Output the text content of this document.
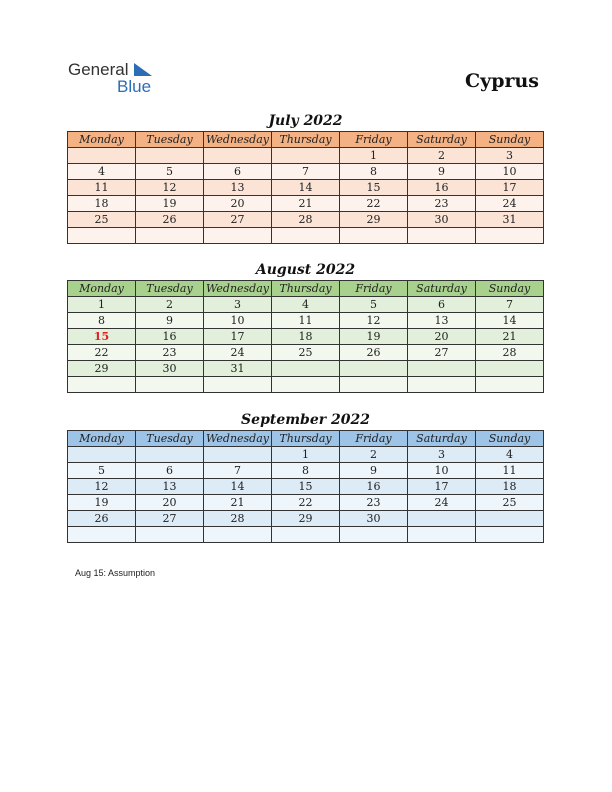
General
Blue	Cyprus
July 2022
Monday	Tuesday	Wednesday	Thursday	Friday	Saturday	Sunday
				1	2	3
4	5	6	7	8	9	10
11	12	13	14	15	16	17
18	19	20	21	22	23	24
25	26	27	28	29	30	31

August 2022
Monday	Tuesday	Wednesday	Thursday	Friday	Saturday	Sunday
1	2	3	4	5	6	7
8	9	10	11	12	13	14
15	16	17	18	19	20	21
22	23	24	25	26	27	28
29	30	31				

September 2022
Monday	Tuesday	Wednesday	Thursday	Friday	Saturday	Sunday
			1	2	3	4
5	6	7	8	9	10	11
12	13	14	15	16	17	18
19	20	21	22	23	24	25
26	27	28	29	30		

Aug 15: Assumption
